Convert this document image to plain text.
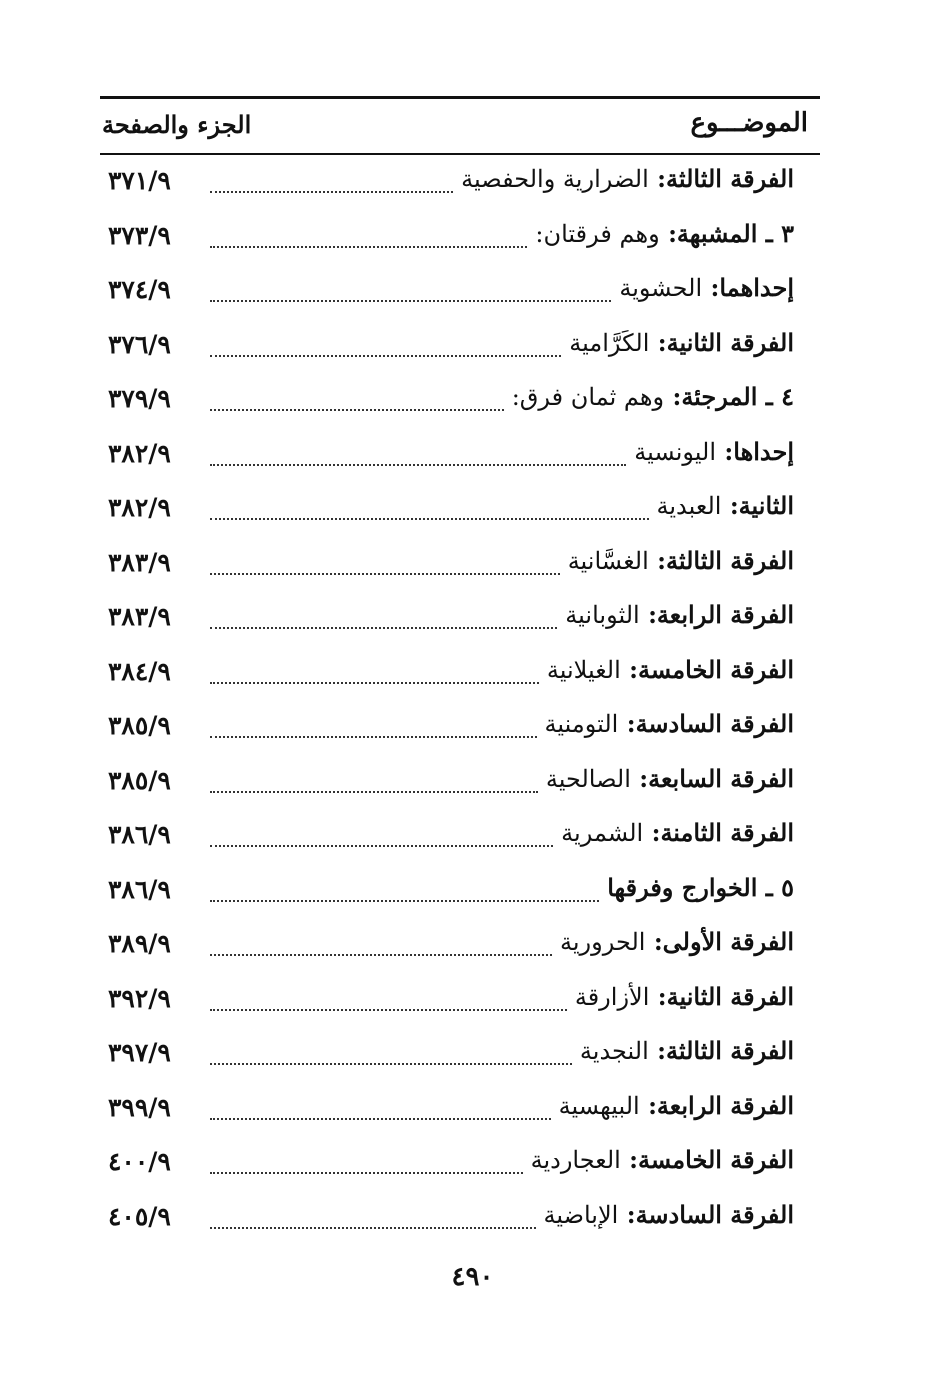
الموضـــوع
الجزء والصفحة
الفرقة الثالثة: الضرارية والحفصية
٣٧١/٩
٣ ـ المشبهة: وهم فرقتان:
٣٧٣/٩
إحداهما: الحشوية
٣٧٤/٩
الفرقة الثانية: الكَرَّامية
٣٧٦/٩
٤ ـ المرجئة: وهم ثمان فرق:
٣٧٩/٩
إحداها: اليونسية
٣٨٢/٩
الثانية: العبدية
٣٨٢/٩
الفرقة الثالثة: الغسَّانية
٣٨٣/٩
الفرقة الرابعة: الثوبانية
٣٨٣/٩
الفرقة الخامسة: الغيلانية
٣٨٤/٩
الفرقة السادسة: التومنية
٣٨٥/٩
الفرقة السابعة: الصالحية
٣٨٥/٩
الفرقة الثامنة: الشمرية
٣٨٦/٩
٥ ـ الخوارج وفرقها
٣٨٦/٩
الفرقة الأولى: الحرورية
٣٨٩/٩
الفرقة الثانية: الأزارقة
٣٩٢/٩
الفرقة الثالثة: النجدية
٣٩٧/٩
الفرقة الرابعة: البيهسية
٣٩٩/٩
الفرقة الخامسة: العجاردية
٤٠٠/٩
الفرقة السادسة: الإباضية
٤٠٥/٩
٤٩٠
